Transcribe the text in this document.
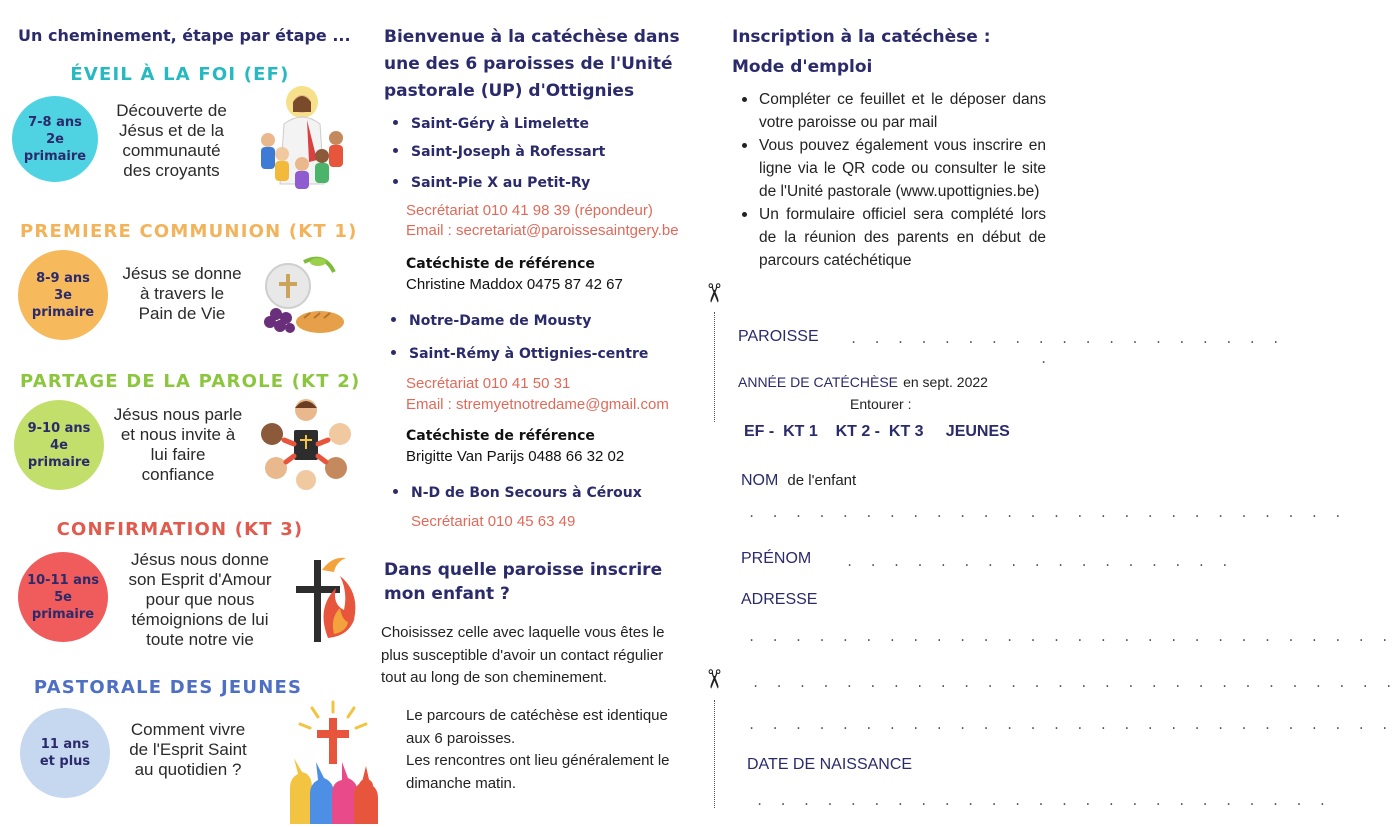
Un cheminement, étape par étape ...
ÉVEIL À LA FOI (EF)
7-8 ans
2e
primaire
Découverte de
Jésus et de la
communauté
des croyants
PREMIERE COMMUNION (KT 1)
8-9 ans
3e
primaire
Jésus se donne
à travers le
Pain de Vie
PARTAGE DE LA PAROLE (KT 2)
9-10 ans
4e
primaire
Jésus nous parle
et nous invite à
lui faire
confiance
CONFIRMATION (KT 3)
10-11 ans
5e
primaire
Jésus nous donne
son Esprit d'Amour
pour que nous
témoignions de lui
toute notre vie
PASTORALE DES JEUNES
11 ans
et plus
Comment vivre
de l'Esprit Saint
au quotidien ?
Bienvenue à la catéchèse dans
une des 6 paroisses de l'Unité
pastorale (UP) d'Ottignies
Saint-Géry à Limelette
Saint-Joseph à Rofessart
Saint-Pie X au Petit-Ry
Secrétariat 010 41 98 39 (répondeur)
Email : secretariat@paroissesaintgery.be
Catéchiste de référence
Christine Maddox 0475 87 42 67
Notre-Dame de Mousty
Saint-Rémy à Ottignies-centre
Secrétariat 010 41 50 31
Email : stremyetnotredame@gmail.com
Catéchiste de référence
Brigitte Van Parijs 0488 66 32 02
N-D de Bon Secours à Céroux
Secrétariat 010 45 63 49
Dans quelle paroisse inscrire
mon enfant ?
Choisissez celle avec laquelle vous êtes le
plus susceptible d'avoir un contact régulier
tout au long de son cheminement.
Le parcours de catéchèse est identique
aux 6 paroisses.
Les rencontres ont lieu généralement le
dimanche matin.
✂
✂
Inscription à la catéchèse :
Mode d'emploi
Compléter ce feuillet et le déposer dans votre paroisse ou par mail
Vous pouvez également vous inscrire en ligne via le QR code ou consulter le site de l'Unité pastorale (www.upottignies.be)
Un formulaire officiel sera complété lors de la réunion des parents en début de parcours catéchétique
PAROISSE	. . . . . . . . . . . . . . . . . . .
.
ANNÉE DE CATÉCHÈSE en sept. 2022
Entourer :
EF -  KT 1    KT 2 -  KT 3     JEUNES
NOM de l'enfant
. . . . . . . . . . . . . . . . . . . . . . . . . .
PRÉNOM	. . . . . . . . . . . . . . . . .
ADRESSE
. . . . . . . . . . . . . . . . . . . . . . . . . . . .
. . . . . . . . . . . . . . . . . . . . . . . . . . . .
. . . . . . . . . . . . . . . . . . . . . . . . . . . .
DATE DE NAISSANCE
. . . . . . . . . . . . . . . . . . . . . . . . .
